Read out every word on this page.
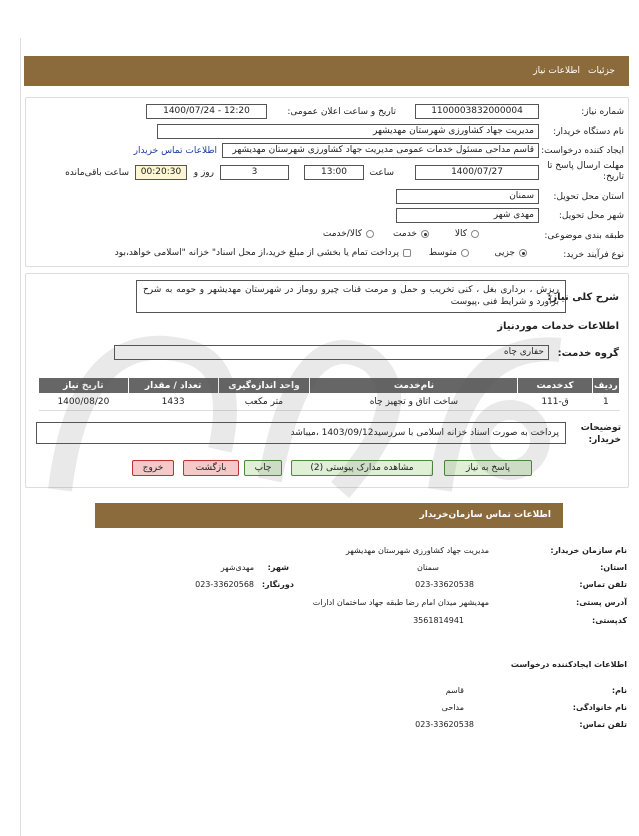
جزئیات
اطلاعات نیاز
شماره نیاز:
1100003832000004
تاریخ و ساعت اعلان عمومی:
1400/07/24 - 12:20
نام دستگاه خریدار:
مدیریت جهاد کشاورزی شهرستان مهدیشهر
ایجاد کننده درخواست:
قاسم مداحی مسئول خدمات عمومی مدیریت جهاد کشاورزی شهرستان مهدیشهر
اطلاعات تماس خریدار
مهلت ارسال پاسخ تا تاریخ:
1400/07/27
ساعت
13:00
3
روز و
00:20:30
ساعت باقی‌مانده
استان محل تحویل:
سمنان
شهر محل تحویل:
مهدی شهر
طبقه بندی موضوعی:
کالا
خدمت
کالا/خدمت
نوع فرآیند خرید:
جزیی
متوسط
پرداخت تمام یا بخشی از مبلغ خرید،از محل اسناد" خزانه "اسلامی خواهد،بود
شرح کلی نیاز:
ریزش ، برداری بغل ، کنی تخریب و حمل و مرمت قنات چیرو روماز در شهرستان مهدیشهر و حومه به شرح برآورد و شرایط فنی ،پیوست
اطلاعات خدمات مورد‌نیاز
گروه خدمت:
حفاری چاه
ردیف	کدخدمت	نام‌خدمت	واحد اندازه‌گیری	تعداد / مقدار	تاریخ نیاز
1	ق-111	ساخت اتاق و تجهیز چاه	متر مکعب	1433	1400/08/20
توضیحات خریدار:
پرداخت به صورت اسناد خزانه اسلامی با سررسید1403/09/12 ،میباشد
پاسخ به نیاز
مشاهده مدارک پیوستی (2)
چاپ
بازگشت
خروج
اطلاعات تماس سازمان‌خریدار
نام سازمان خریدار:
مدیریت جهاد کشاورزی شهرستان مهدیشهر
استان:
سمنان
شهر:
مهدی‌شهر
تلفن تماس:
023-33620538
دورنگار:
023-33620568
آدرس پستی:
مهدیشهر میدان امام رضا طبقه جهاد ساختمان ادارات
کدپستی:
3561814941
اطلاعات ایجادکننده درخواست
نام:
قاسم
نام خانوادگی:
مداحی
تلفن تماس:
023-33620538
